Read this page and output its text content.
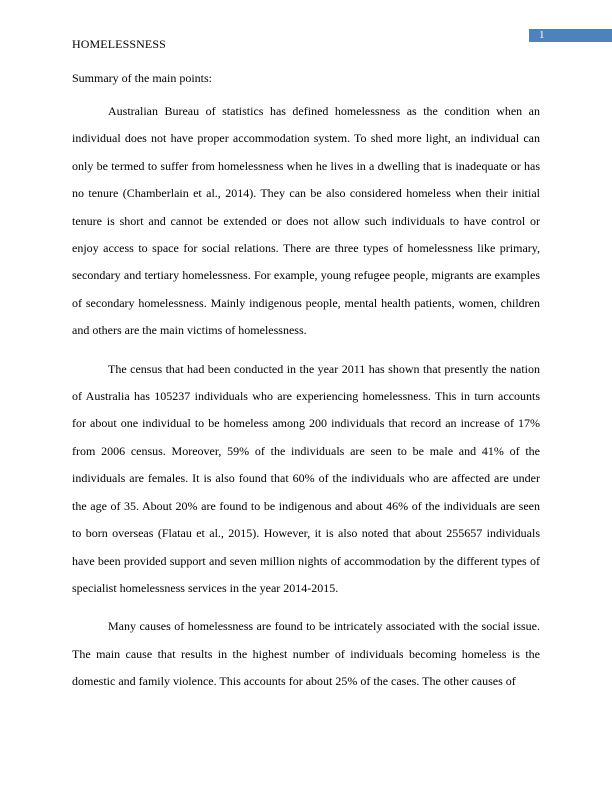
HOMELESSNESS
1
Summary of the main points:

Australian Bureau of statistics has defined homelessness as the condition when an individual does not have proper accommodation system. To shed more light, an individual can only be termed to suffer from homelessness when he lives in a dwelling that is inadequate or has no tenure (Chamberlain et al., 2014). They can be also considered homeless when their initial tenure is short and cannot be extended or does not allow such individuals to have control or enjoy access to space for social relations. There are three types of homelessness like primary, secondary and tertiary homelessness. For example, young refugee people, migrants are examples of secondary homelessness. Mainly indigenous people, mental health patients, women, children and others are the main victims of homelessness.

The census that had been conducted in the year 2011 has shown that presently the nation of Australia has 105237 individuals who are experiencing homelessness. This in turn accounts for about one individual to be homeless among 200 individuals that record an increase of 17% from 2006 census. Moreover, 59% of the individuals are seen to be male and 41% of the individuals are females. It is also found that 60% of the individuals who are affected are under the age of 35. About 20% are found to be indigenous and about 46% of the individuals are seen to born overseas (Flatau et al., 2015). However, it is also noted that about 255657 individuals have been provided support and seven million nights of accommodation by the different types of specialist homelessness services in the year 2014-2015.

Many causes of homelessness are found to be intricately associated with the social issue. The main cause that results in the highest number of individuals becoming homeless is the domestic and family violence. This accounts for about 25% of the cases. The other causes of
